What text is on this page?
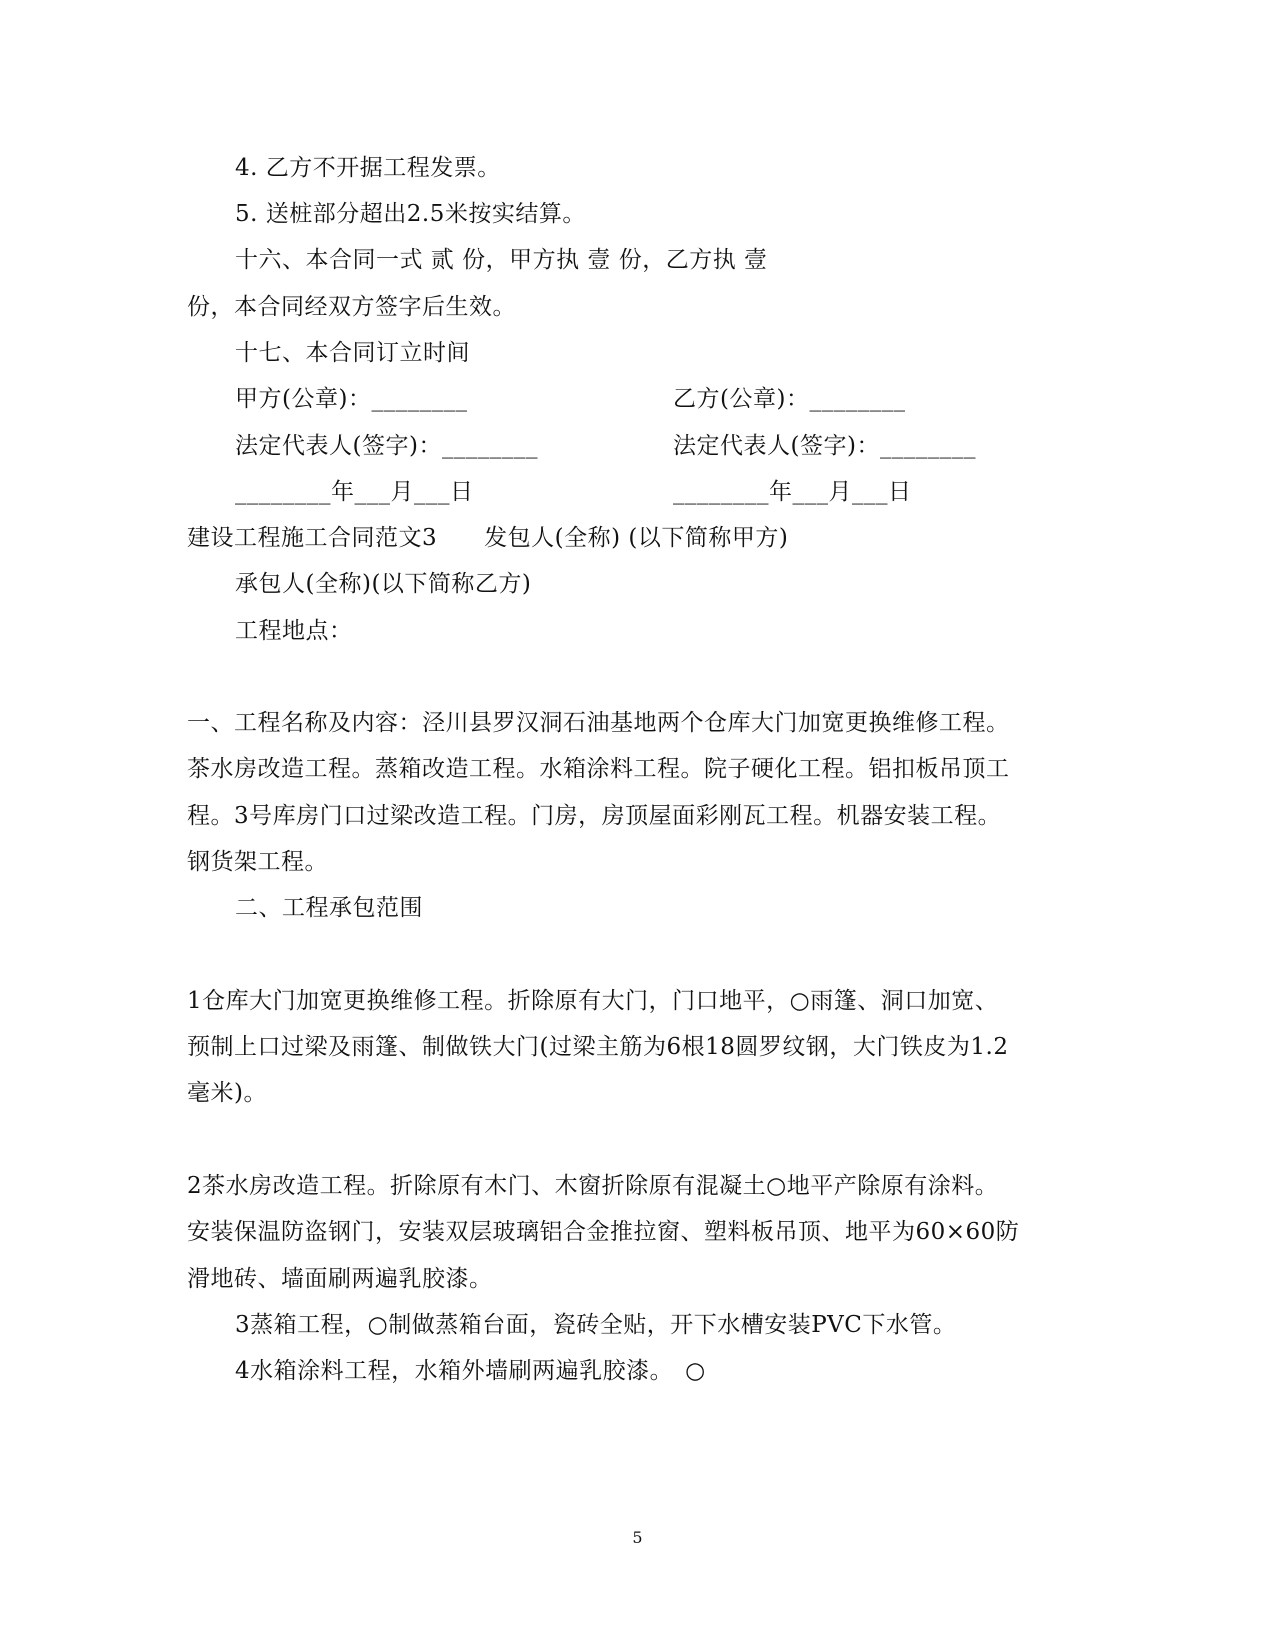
4. 乙方不开据工程发票。
5. 送桩部分超出2.5米按实结算。
十六、本合同一式 贰 份，甲方执 壹 份，乙方执 壹
份，本合同经双方签字后生效。
十七、本合同订立时间
甲方(公章)：________	乙方(公章)：________
法定代表人(签字)：________	法定代表人(签字)：________
________年___月___日	________年___月___日
建设工程施工合同范文3　　发包人(全称) (以下简称甲方)
承包人(全称)(以下简称乙方)
工程地点：
一、工程名称及内容：泾川县罗汉洞石油基地两个仓库大门加宽更换维修工程。
茶水房改造工程。蒸箱改造工程。水箱涂料工程。院子硬化工程。铝扣板吊顶工
程。3号库房门口过梁改造工程。门房，房顶屋面彩刚瓦工程。机器安装工程。
钢货架工程。
二、工程承包范围
1仓库大门加宽更换维修工程。折除原有大门，门口地平，○雨篷、洞口加宽、
预制上口过梁及雨篷、制做铁大门(过梁主筋为6根18圆罗纹钢，大门铁皮为1.2
毫米)。
2茶水房改造工程。折除原有木门、木窗折除原有混凝土○地平产除原有涂料。
安装保温防盗钢门，安装双层玻璃铝合金推拉窗、塑料板吊顶、地平为60×60防
滑地砖、墙面刷两遍乳胶漆。
3蒸箱工程，○制做蒸箱台面，瓷砖全贴，开下水槽安装PVC下水管。
4水箱涂料工程，水箱外墙刷两遍乳胶漆。　○
5
